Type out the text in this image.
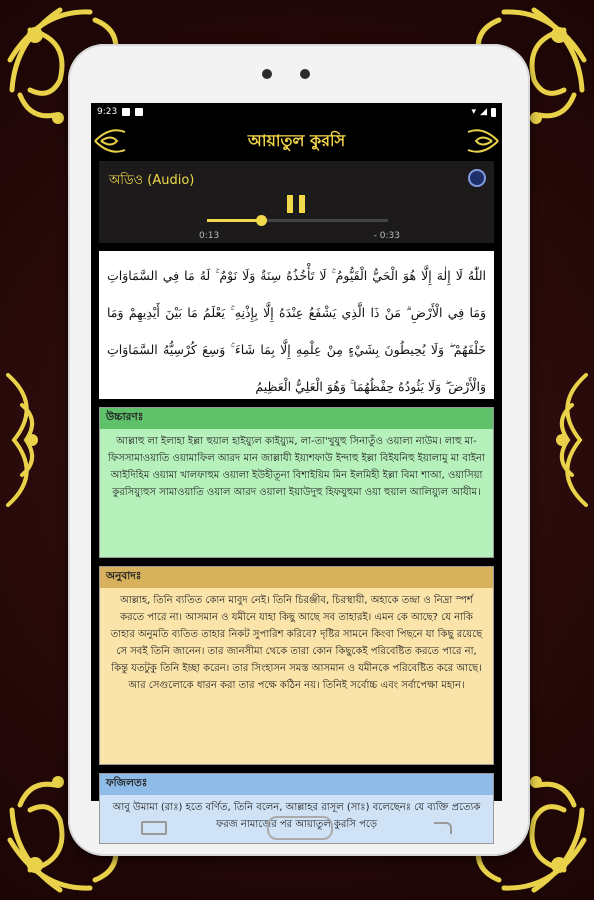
9:23	▾ ◢
আয়াতুল কুরসি
অডিও (Audio)
0:13	- 0:33
اللّٰهُ لَا إِلٰهَ إِلَّا هُوَ الْحَيُّ الْقَيُّومُ ۚ لَا تَأْخُذُهُ سِنَةٌ وَلَا نَوْمٌ ۚ لَهُ مَا فِي السَّمَاوَاتِ وَمَا فِي الْأَرْضِ ۗ مَنْ ذَا الَّذِي يَشْفَعُ عِنْدَهُ إِلَّا بِإِذْنِهِ ۚ يَعْلَمُ مَا بَيْنَ أَيْدِيهِمْ وَمَا خَلْفَهُمْ ۖ وَلَا يُحِيطُونَ بِشَيْءٍ مِنْ عِلْمِهِ إِلَّا بِمَا شَاءَ ۚ وَسِعَ كُرْسِيُّهُ السَّمَاوَاتِ وَالْأَرْضَ ۖ وَلَا يَئُودُهُ حِفْظُهُمَا ۚ وَهُوَ الْعَلِيُّ الْعَظِيمُ
উচ্চারণঃ
আল্লাহু লা ইলাহা ইল্লা হুয়াল হাইয়্যুল কাইয়্যুম, লা-তা'খুযুহু সিনাতুঁও ওয়ালা নাউম। লাহু মা-ফিসসামাওয়াতি ওয়ামাফিল আরদ মান জাল্লাযী ইয়াশফাউ ইন্দাহু ইল্লা বিইযনিহু ইয়ালামু মা বাইনা আইদিহিম ওয়ামা খালফাহুম ওয়ালা ইউহীতূনা বিশাইয়িম মিন ইলমিহী ইল্লা বিমা শাআ, ওয়াসিয়া কুরসিয়্যুহুস সামাওয়াতি ওয়াল আরদ ওয়ালা ইয়াউদুহু হিফযুহুমা ওয়া হুয়াল আলিয়্যুল আযীম।
অনুবাদঃ
আল্লাহ, তিনি ব্যতিত কোন মাবুদ নেই। তিনি চিরঞ্জীব, চিরস্থায়ী, অহাকে তন্দ্রা ও নিদ্রা স্পর্শ করতে পারে না। আসমান ও যমীনে যাহা কিছু আছে সব তাহারই। এমন কে আছে? যে নাকি তাহার অনুমতি ব্যতিত তাহার নিকট সুপারিশ করিবে? দৃষ্টির সামনে কিংবা পিছনে যা কিছু রয়েছে সে সবই তিনি জানেন। তার জানসীমা থেকে তারা কোন কিছুকেই পরিবেষ্টিত করতে পারে না, কিন্তু যতটুকু তিনি ইচ্ছা করেন। তার সিংহাসন সমস্ত আসমান ও যমীনকে পরিবেষ্টিত করে আছে। আর সেগুলোকে ধারন করা তার পক্ষে কঠিন নয়। তিনিই সর্বোচ্চ এবং সর্বাপেক্ষা মহান।
ফজিলতঃ
আবু উমামা (রাঃ) হতে বর্ণিত, তিনি বলেন, আল্লাহর রাসূল (সাঃ) বলেছেনঃ যে ব্যক্তি প্রত্যেক ফরজ নামাজের পর আয়াতুল কুরসি পড়ে
